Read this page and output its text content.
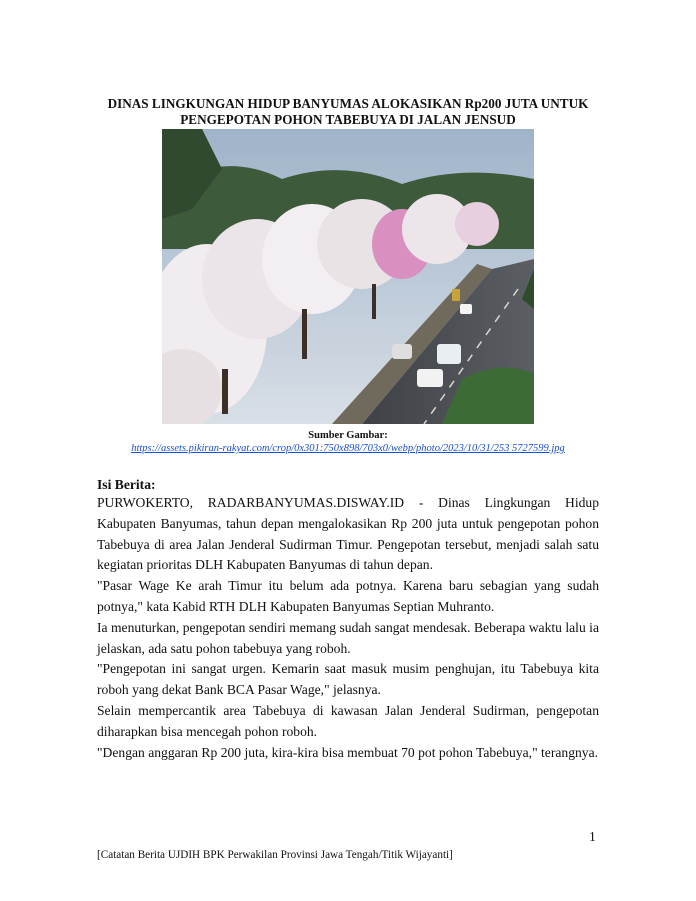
DINAS LINGKUNGAN HIDUP BANYUMAS ALOKASIKAN Rp200 JUTA UNTUK
PENGEPOTAN POHON TABEBUYA DI JALAN JENSUD
Sumber Gambar:
https://assets.pikiran-rakyat.com/crop/0x301:750x898/703x0/webp/photo/2023/10/31/253 5727599.jpg
Isi Berita:

PURWOKERTO, RADARBANYUMAS.DISWAY.ID - Dinas Lingkungan Hidup Kabupaten Banyumas, tahun depan mengalokasikan Rp 200 juta untuk pengepotan pohon Tabebuya di area Jalan Jenderal Sudirman Timur. Pengepotan tersebut, menjadi salah satu kegiatan prioritas DLH Kabupaten Banyumas di tahun depan.

"Pasar Wage Ke arah Timur itu belum ada potnya. Karena baru sebagian yang sudah potnya," kata Kabid RTH DLH Kabupaten Banyumas Septian Muhranto.

Ia menuturkan, pengepotan sendiri memang sudah sangat mendesak. Beberapa waktu lalu ia jelaskan, ada satu pohon tabebuya yang roboh.

"Pengepotan ini sangat urgen. Kemarin saat masuk musim penghujan, itu Tabebuya kita roboh yang dekat Bank BCA Pasar Wage," jelasnya.

Selain mempercantik area Tabebuya di kawasan Jalan Jenderal Sudirman, pengepotan diharapkan bisa mencegah pohon roboh.

"Dengan anggaran Rp 200 juta, kira-kira bisa membuat 70 pot pohon Tabebuya," terangnya.

1
[Catatan Berita UJDIH BPK Perwakilan Provinsi Jawa Tengah/Titik Wijayanti]
